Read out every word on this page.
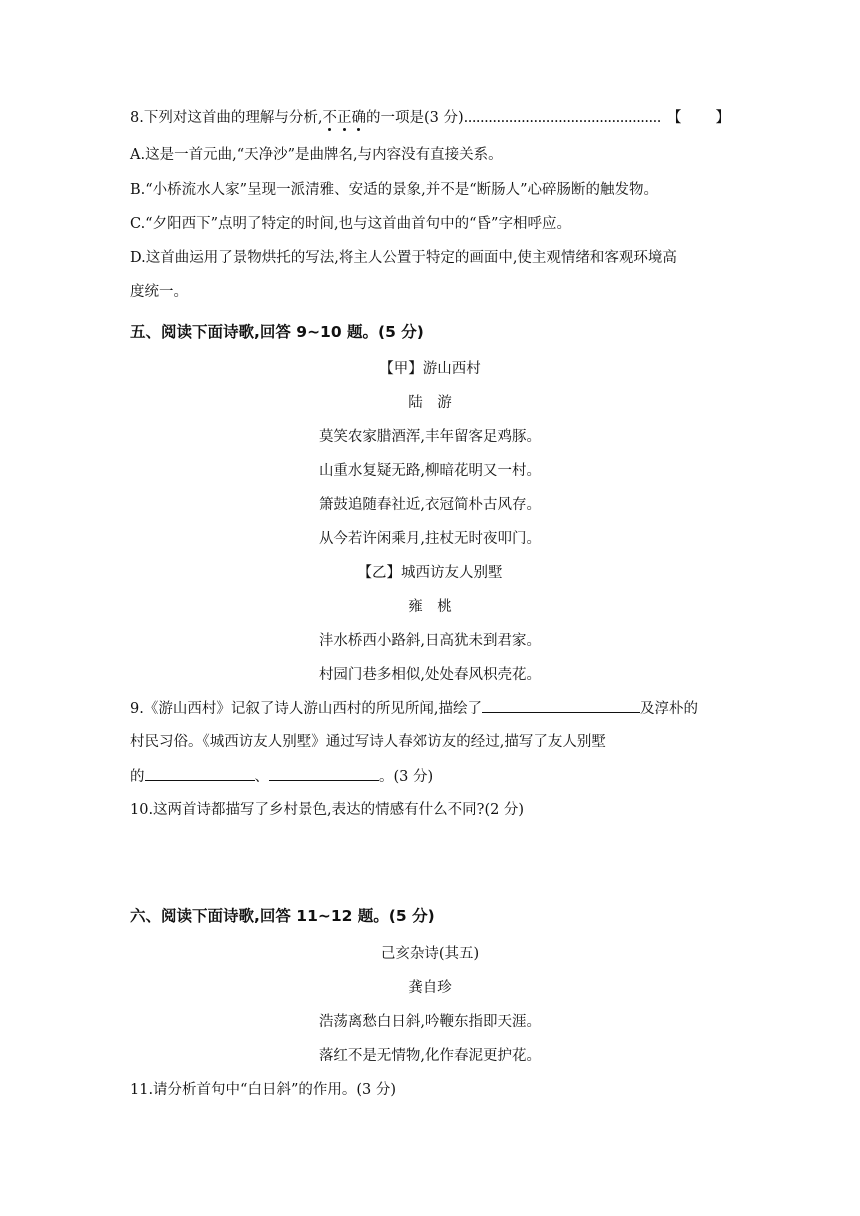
8.下列对这首曲的理解与分析,不正确的一项是(3 分)................................................ 【 】
A.这是一首元曲,“天净沙”是曲牌名,与内容没有直接关系。
B.“小桥流水人家”呈现一派清雅、安适的景象,并不是“断肠人”心碎肠断的触发物。
C.“夕阳西下”点明了特定的时间,也与这首曲首句中的“昏”字相呼应。
D.这首曲运用了景物烘托的写法,将主人公置于特定的画面中,使主观情绪和客观环境高
度统一。
五、阅读下面诗歌,回答 9~10 题。(5 分)
【甲】游山西村
陆　游
莫笑农家腊酒浑,丰年留客足鸡豚。
山重水复疑无路,柳暗花明又一村。
箫鼓追随春社近,衣冠简朴古风存。
从今若许闲乘月,拄杖无时夜叩门。
【乙】城西访友人别墅
雍　桃
沣水桥西小路斜,日高犹未到君家。
村园门巷多相似,处处春风枳壳花。
9.《游山西村》记叙了诗人游山西村的所见所闻,描绘了	及淳朴的
村民习俗。《城西访友人别墅》通过写诗人春郊访友的经过,描写了友人别墅
的	、	。(3 分)
10.这两首诗都描写了乡村景色,表达的情感有什么不同?(2 分)
六、阅读下面诗歌,回答 11~12 题。(5 分)
己亥杂诗(其五)
龚自珍
浩荡离愁白日斜,吟鞭东指即天涯。
落红不是无情物,化作春泥更护花。
11.请分析首句中“白日斜”的作用。(3 分)
